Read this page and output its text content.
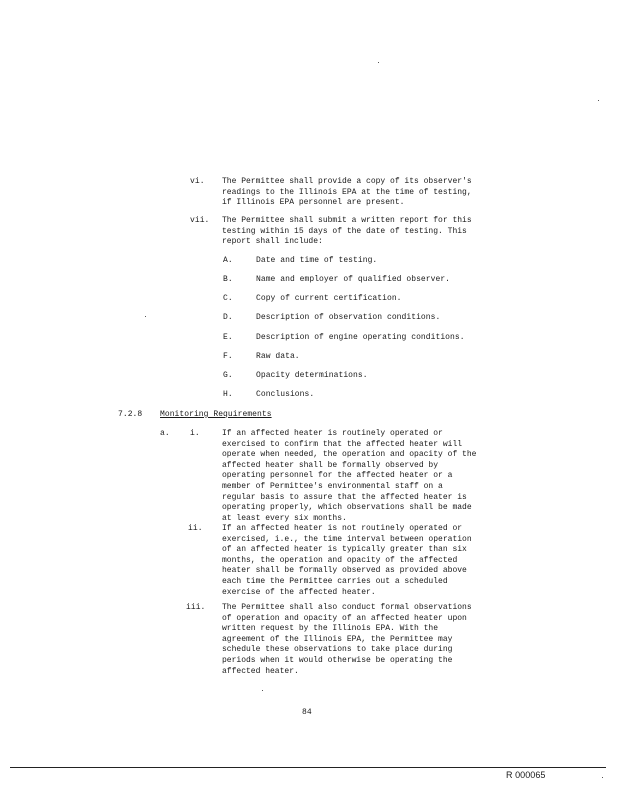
vi. The Permittee shall provide a copy of its observer's
readings to the Illinois EPA at the time of testing,
if Illinois EPA personnel are present.
vii. The Permittee shall submit a written report for this
testing within 15 days of the date of testing. This
report shall include:
A.	Date and time of testing.
B.	Name and employer of qualified observer.
C.	Copy of current certification.
D.	Description of observation conditions.
E.	Description of engine operating conditions.
F.	Raw data.
G.	Opacity determinations.
H.	Conclusions.
7.2.8 Monitoring Requirements
a.	i.	If an affected heater is routinely operated or
exercised to confirm that the affected heater will
operate when needed, the operation and opacity of the
affected heater shall be formally observed by
operating personnel for the affected heater or a
member of Permittee's environmental staff on a
regular basis to assure that the affected heater is
operating properly, which observations shall be made
at least every six months.
ii. If an affected heater is not routinely operated or
exercised, i.e., the time interval between operation
of an affected heater is typically greater than six
months, the operation and opacity of the affected
heater shall be formally observed as provided above
each time the Permittee carries out a scheduled
exercise of the affected heater.
iii. The Permittee shall also conduct formal observations
of operation and opacity of an affected heater upon
written request by the Illinois EPA. With the
agreement of the Illinois EPA, the Permittee may
schedule these observations to take place during
periods when it would otherwise be operating the
affected heater.
84
R 000065
